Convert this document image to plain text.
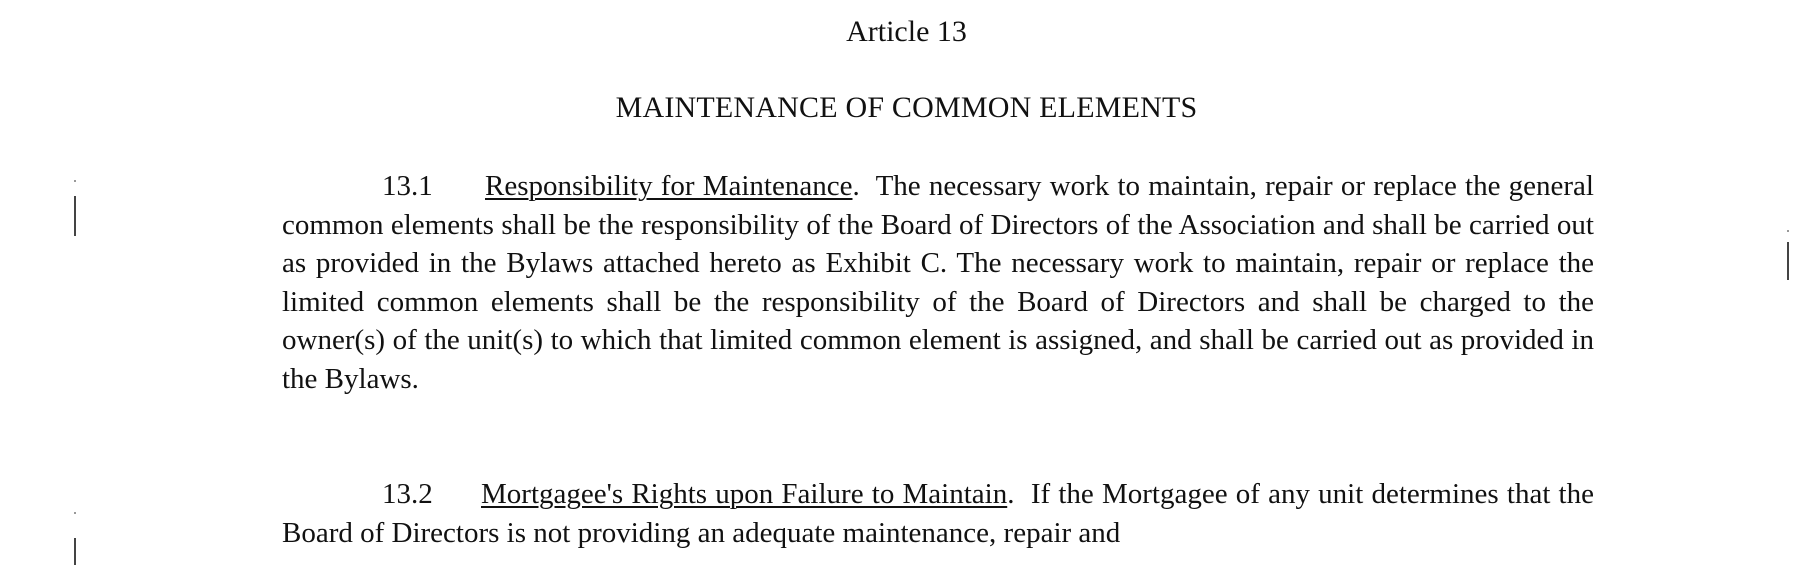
Article 13
MAINTENANCE OF COMMON ELEMENTS

13.1 Responsibility for Maintenance.  The necessary work to maintain, repair or replace the general common elements shall be the responsibility of the Board of Directors of the Association and shall be carried out as provided in the Bylaws attached hereto as Exhibit C. The necessary work to maintain, repair or replace the limited common elements shall be the responsibility of the Board of Directors and shall be charged to the owner(s) of the unit(s) to which that limited common element is assigned, and shall be carried out as provided in the Bylaws.

13.2 Mortgagee's Rights upon Failure to Maintain.  If the Mortgagee of any unit determines that the Board of Directors is not providing an adequate maintenance, repair and
